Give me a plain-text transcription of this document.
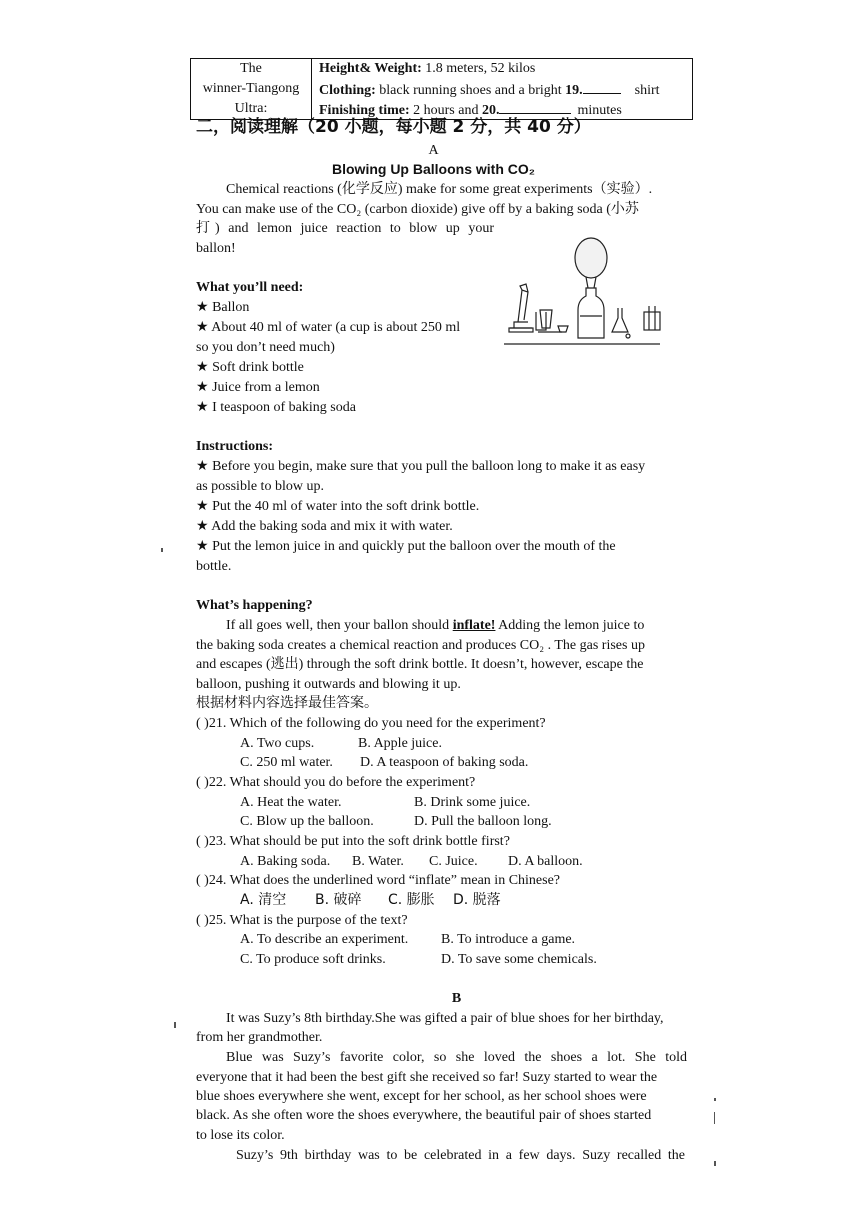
The
winner-Tiangong
Ultra:

Height& Weight: 1.8 meters, 52 kilos
Clothing: black running shoes and a bright 19.	shirt
Finishing time: 2 hours and 20.	minutes
二，阅读理解（20 小题，每小题 2 分，共 40 分）
A
Blowing Up Balloons with CO₂
Chemical reactions (化学反应) make for some great experiments（实验）.
You can make use of the CO₂ (carbon dioxide) give off by a baking soda (小苏
打) and lemon juice reaction to blow up your
ballon!
What you’ll need:
★ Ballon
★ About 40 ml of water (a cup is about 250 ml
so you don’t need much)
★ Soft drink bottle
★ Juice from a lemon
★ I teaspoon of baking soda
Instructions:
★ Before you begin, make sure that you pull the balloon long to make it as easy
as possible to blow up.
★ Put the 40 ml of water into the soft drink bottle.
★ Add the baking soda and mix it with water.
★ Put the lemon juice in and quickly put the balloon over the mouth of the
bottle.
What’s happening?
If all goes well, then your ballon should inflate! Adding the lemon juice to
the baking soda creates a chemical reaction and produces CO₂ . The gas rises up
and escapes (逃出) through the soft drink bottle. It doesn’t, however, escape the
balloon, pushing it outwards and blowing it up.
根据材料内容选择最佳答案。
( )21. Which of the following do you need for the experiment?
A. Two cups.	B. Apple juice.
C. 250 ml water. D. A teaspoon of baking soda.
( )22. What should you do before the experiment?
A. Heat the water.	B. Drink some juice.
C. Blow up the balloon.	D. Pull the balloon long.
( )23. What should be put into the soft drink bottle first?
A. Baking soda. B. Water. C. Juice. D. A balloon.
( )24. What does the underlined word “inflate” mean in Chinese?
A. 清空 B. 破碎 C. 膨胀 D. 脱落
( )25. What is the purpose of the text?
A. To describe an experiment. B. To introduce a game.
C. To produce soft drinks.	D. To save some chemicals.
B
It was Suzy’s 8th birthday.She was gifted a pair of blue shoes for her birthday,
from her grandmother.
Blue was Suzy’s favorite color, so she loved the shoes a lot. She told
everyone that it had been the best gift she received so far! Suzy started to wear the
blue shoes everywhere she went, except for her school, as her school shoes were
black. As she often wore the shoes everywhere, the beautiful pair of shoes started
to lose its color.
Suzy’s 9th birthday was to be celebrated in a few days. Suzy recalled the
